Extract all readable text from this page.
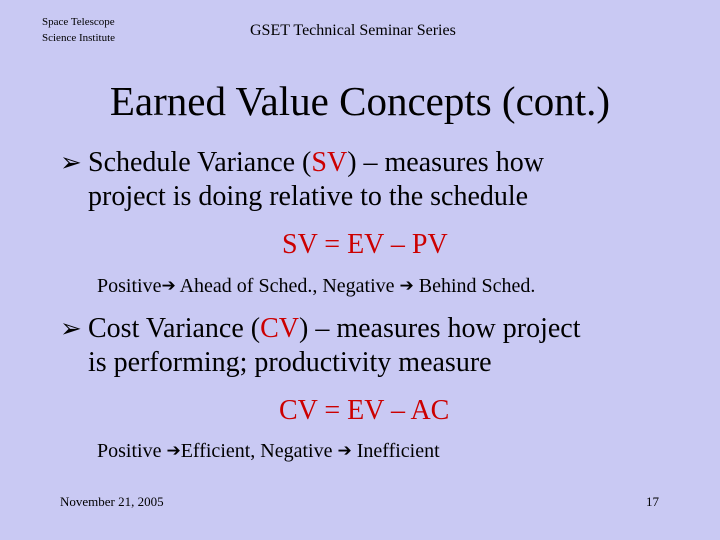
Space Telescope
Science Institute	GSET Technical Seminar Series
Earned Value Concepts (cont.)
➢ Schedule Variance (SV) – measures how
project is doing relative to the schedule
SV = EV – PV
Positive➔ Ahead of Sched., Negative ➔ Behind Sched.
➢ Cost Variance (CV) – measures how project
is performing; productivity measure
CV = EV – AC
Positive ➔Efficient, Negative ➔ Inefficient
November 21, 2005	17
